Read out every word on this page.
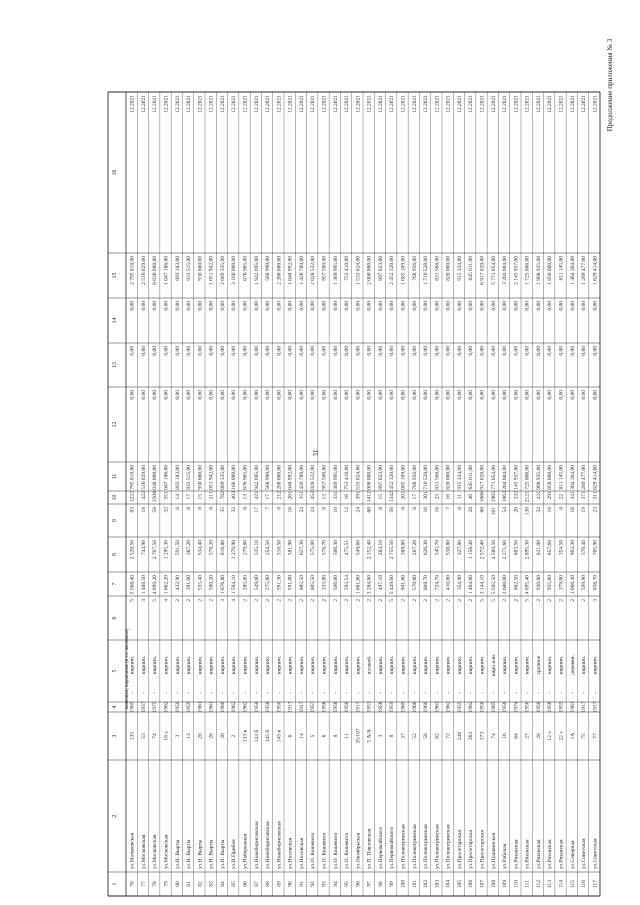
31
Продолжение приложения № 3
1
2
3
4
5
6
7
8
9
10
11
12
13
14
15
16
каменные, кирпичные (в т.ч. железные)
76
ул.Матвеевская
135
1965
-
кирпич.
5
5 568,40
2 520,50
63
122
2 795 818,00
0,00
0,00
0,00
2 795 818,00
12.2021
77
ул.Московская
53
1937
-
кирпич.
3
1 408,50
744,90
18
42
2 516 029,00
0,00
0,00
0,00
2 516 029,00
12.2021
78
ул.Московская
74
1975
-
кирпич.
5
4 099,20
2 707,50
58
150
8 030 000,00
0,00
0,00
0,00
8 030 000,00
12.2021
79
ул.Московская
18 а
1962
-
кирпич.
4
1 662,20
1 295,30
32
55
1 047 186,00
0,00
0,00
0,00
1 047 186,00
12.2021
80
ул.Н. Вырты
3
1958
-
кирпич.
2
432,90
591,50
8
14
893 183,00
0,00
0,00
0,00
893 183,00
12.2021
81
ул.Н. Вырты
13
1959
-
кирпич.
2
391,00
387,20
8
17
933 515,00
0,00
0,00
0,00
933 515,00
12.2021
82
ул.Н. Вырты
20
1961
-
кирпич.
2
555,40
534,40
8
15
930 680,00
0,00
0,00
0,00
930 680,00
12.2021
83
ул.Н. Вырты
28
1961
-
кирпич.
2
580,20
578,20
8
21
1 051 942,00
0,00
0,00
0,00
1 051 942,00
12.2021
84
ул.Н. Вырты
30
1960
-
кирпич.
3
1 676,80
816,80
35
78
2 089 335,00
0,00
0,00
0,00
2 089 335,00
12.2021
85
ул.Н.Прибоя
2
1962
-
кирпич.
4
1 594,10
1 270,90
32
40
3 160 000,00
0,00
0,00
0,00
3 160 000,00
12.2021
86
ул.Набережная
133 в
1962
-
кирпич.
2
285,00
279,00
8
13
676 965,00
0,00
0,00
0,00
676 965,00
12.2021
87
ул.Новоборисовская
143 б
1958
-
кирпич.
2
549,00
535,10
17
42
1 942 695,00
0,00
0,00
0,00
1 942 695,00
12.2021
88
ул.Новоборисовская
145 б
1958
-
кирпич.
2
275,00
254,50
7
17
568 990,00
0,00
0,00
0,00
568 990,00
12.2021
89
ул.Новоборисовская
145 в
1958
-
кирпич.
2
591,30
510,50
8
21
2 200 000,00
0,00
0,00
0,00
2 200 000,00
12.2021
90
ул.Носовская
6
1917
-
кирпич.
2
591,00
581,90
16
26
1 048 992,00
0,00
0,00
0,00
1 048 992,00
12.2021
91
ул.Носовская
14
1917
-
кирпич.
2
805,50
627,30
24
35
1 420 789,00
0,00
0,00
0,00
1 420 789,00
12.2021
92
ул.О. Кошевого
5
1957
-
кирпич.
2
805,50
575,00
24
45
2 028 532,00
0,00
0,00
0,00
2 028 532,00
12.2021
93
ул.О. Кошевого
6
1956
-
кирпич.
2
333,00
578,70
8
13
957 500,00
0,00
0,00
0,00
957 500,00
12.2021
94
ул.О. Кошевого
8
1956
-
кирпич.
2
506,00
506,30
10
33
1 369 995,00
0,00
0,00
0,00
1 369 995,00
12.2021
95
ул.О. Кошевого
11
1958
-
кирпич.
2
593,54
475,51
12
16
753 410,00
0,00
0,00
0,00
753 410,00
12.2021
96
ул.Октябрьская
35/107
1917
-
кирпич.
2
1 001,60
549,60
24
39
1 533 024,00
0,00
0,00
0,00
1 533 024,00
12.2021
97
ул.П. Павловская
5 А/А
1953
-
шлакоб.
2
3 284,00
2 152,40
60
141
2 000 000,00
0,00
0,00
0,00
2 000 000,00
12.2021
98
ул.Первомайского
3
1956
-
кирпич.
2
497,10
283,10
8
15
897 023,00
0,00
0,00
0,00
897 023,00
12.2021
99
ул.Первомайского
8
1959
-
кирпич.
5
5 449,60
2 755,50
56
134
2 452 320,00
0,00
0,00
0,00
2 452 320,00
12.2021
100
ул.Полевогринская
37
1969
-
кирпич.
2
941,60
388,00
8
20
1 085 109,00
0,00
0,00
0,00
1 085 109,00
12.2021
101
ул.Полевогринская
52
1960
-
кирпич.
2
570,00
287,20
8
17
768 956,00
0,00
0,00
0,00
768 956,00
12.2021
102
ул.Полевогринская
58
1960
-
кирпич.
2
808,70
626,30
16
30
1 710 528,00
0,00
0,00
0,00
1 710 528,00
12.2021
103
ул.Полевогринская
62
1963
-
кирпич.
2
724,70
545,70
16
23
831 568,00
0,00
0,00
0,00
831 568,00
12.2021
104
ул.Полевогринская
72
1962
-
кирпич.
2
410,00
538,80
7
16
820 000,00
0,00
0,00
0,00
820 000,00
12.2021
105
ул.Пролетарская
246
1955
-
кирпич.
2
354,90
327,80
8
11
915 334,00
0,00
0,00
0,00
915 334,00
12.2021
106
ул.Пролетарская
363
1962
-
кирпич.
2
1 404,00
1 156,46
28
46
645 611,00
0,00
0,00
0,00
645 611,00
12.2021
107
ул.Пролетарская
373
1958
-
кирпич.
5
3 144,10
2 572,40
60
106
6 917 020,00
0,00
0,00
0,00
6 917 020,00
12.2021
108
ул.Пушкинская
74
1965
-
кирп.пан.
5
5 565,50
4 589,50
101
196
5 771 054,00
0,00
0,00
0,00
5 771 054,00
12.2021
109
ул.Рабочая
16
1956
-
кирпич.
2
2 680,00
2 271,60
54
106
3 204 604,00
0,00
0,00
0,00
3 204 604,00
12.2021
110
ул.Рязанская
64
1974
-
кирпич.
2
862,50
803,50
20
33
2 145 937,00
0,00
0,00
0,00
2 145 937,00
12.2021
111
ул.Рязанская
27
1956
-
кирпич.
5
4 695,40
2 895,30
138
212
1 725 866,00
0,00
0,00
0,00
1 725 866,00
12.2021
112
ул.Рязанская
28
1958
-
срочное
2
930,00
821,00
32
43
1 908 935,00
0,00
0,00
0,00
1 908 935,00
12.2021
113
ул.Рязанская
12 а
1956
-
кирпич.
2
955,00
857,68
16
29
1 850 600,00
0,00
0,00
0,00
1 850 600,00
12.2021
114
ул.Рязанская
22 а
1955
-
кирпич.
2
379,00
354,50
8
22
811 145,00
0,00
0,00
0,00
811 145,00
12.2021
115
ул.Северная
1А
1963
-
деревян.
2
1 066,30
962,30
16
34
1 364 364,00
0,00
0,00
0,00
1 364 364,00
12.2021
116
ул.Советская
75
1917
-
кирпич.
2
599,90
570,40
19
37
1 289 477,00
0,00
0,00
0,00
1 289 477,00
12.2021
117
ул.Советская
77
1917
-
кирпич.
3
856,70
705,90
23
31
1 629 414,00
0,00
0,00
0,00
1 629 414,00
12.2021
